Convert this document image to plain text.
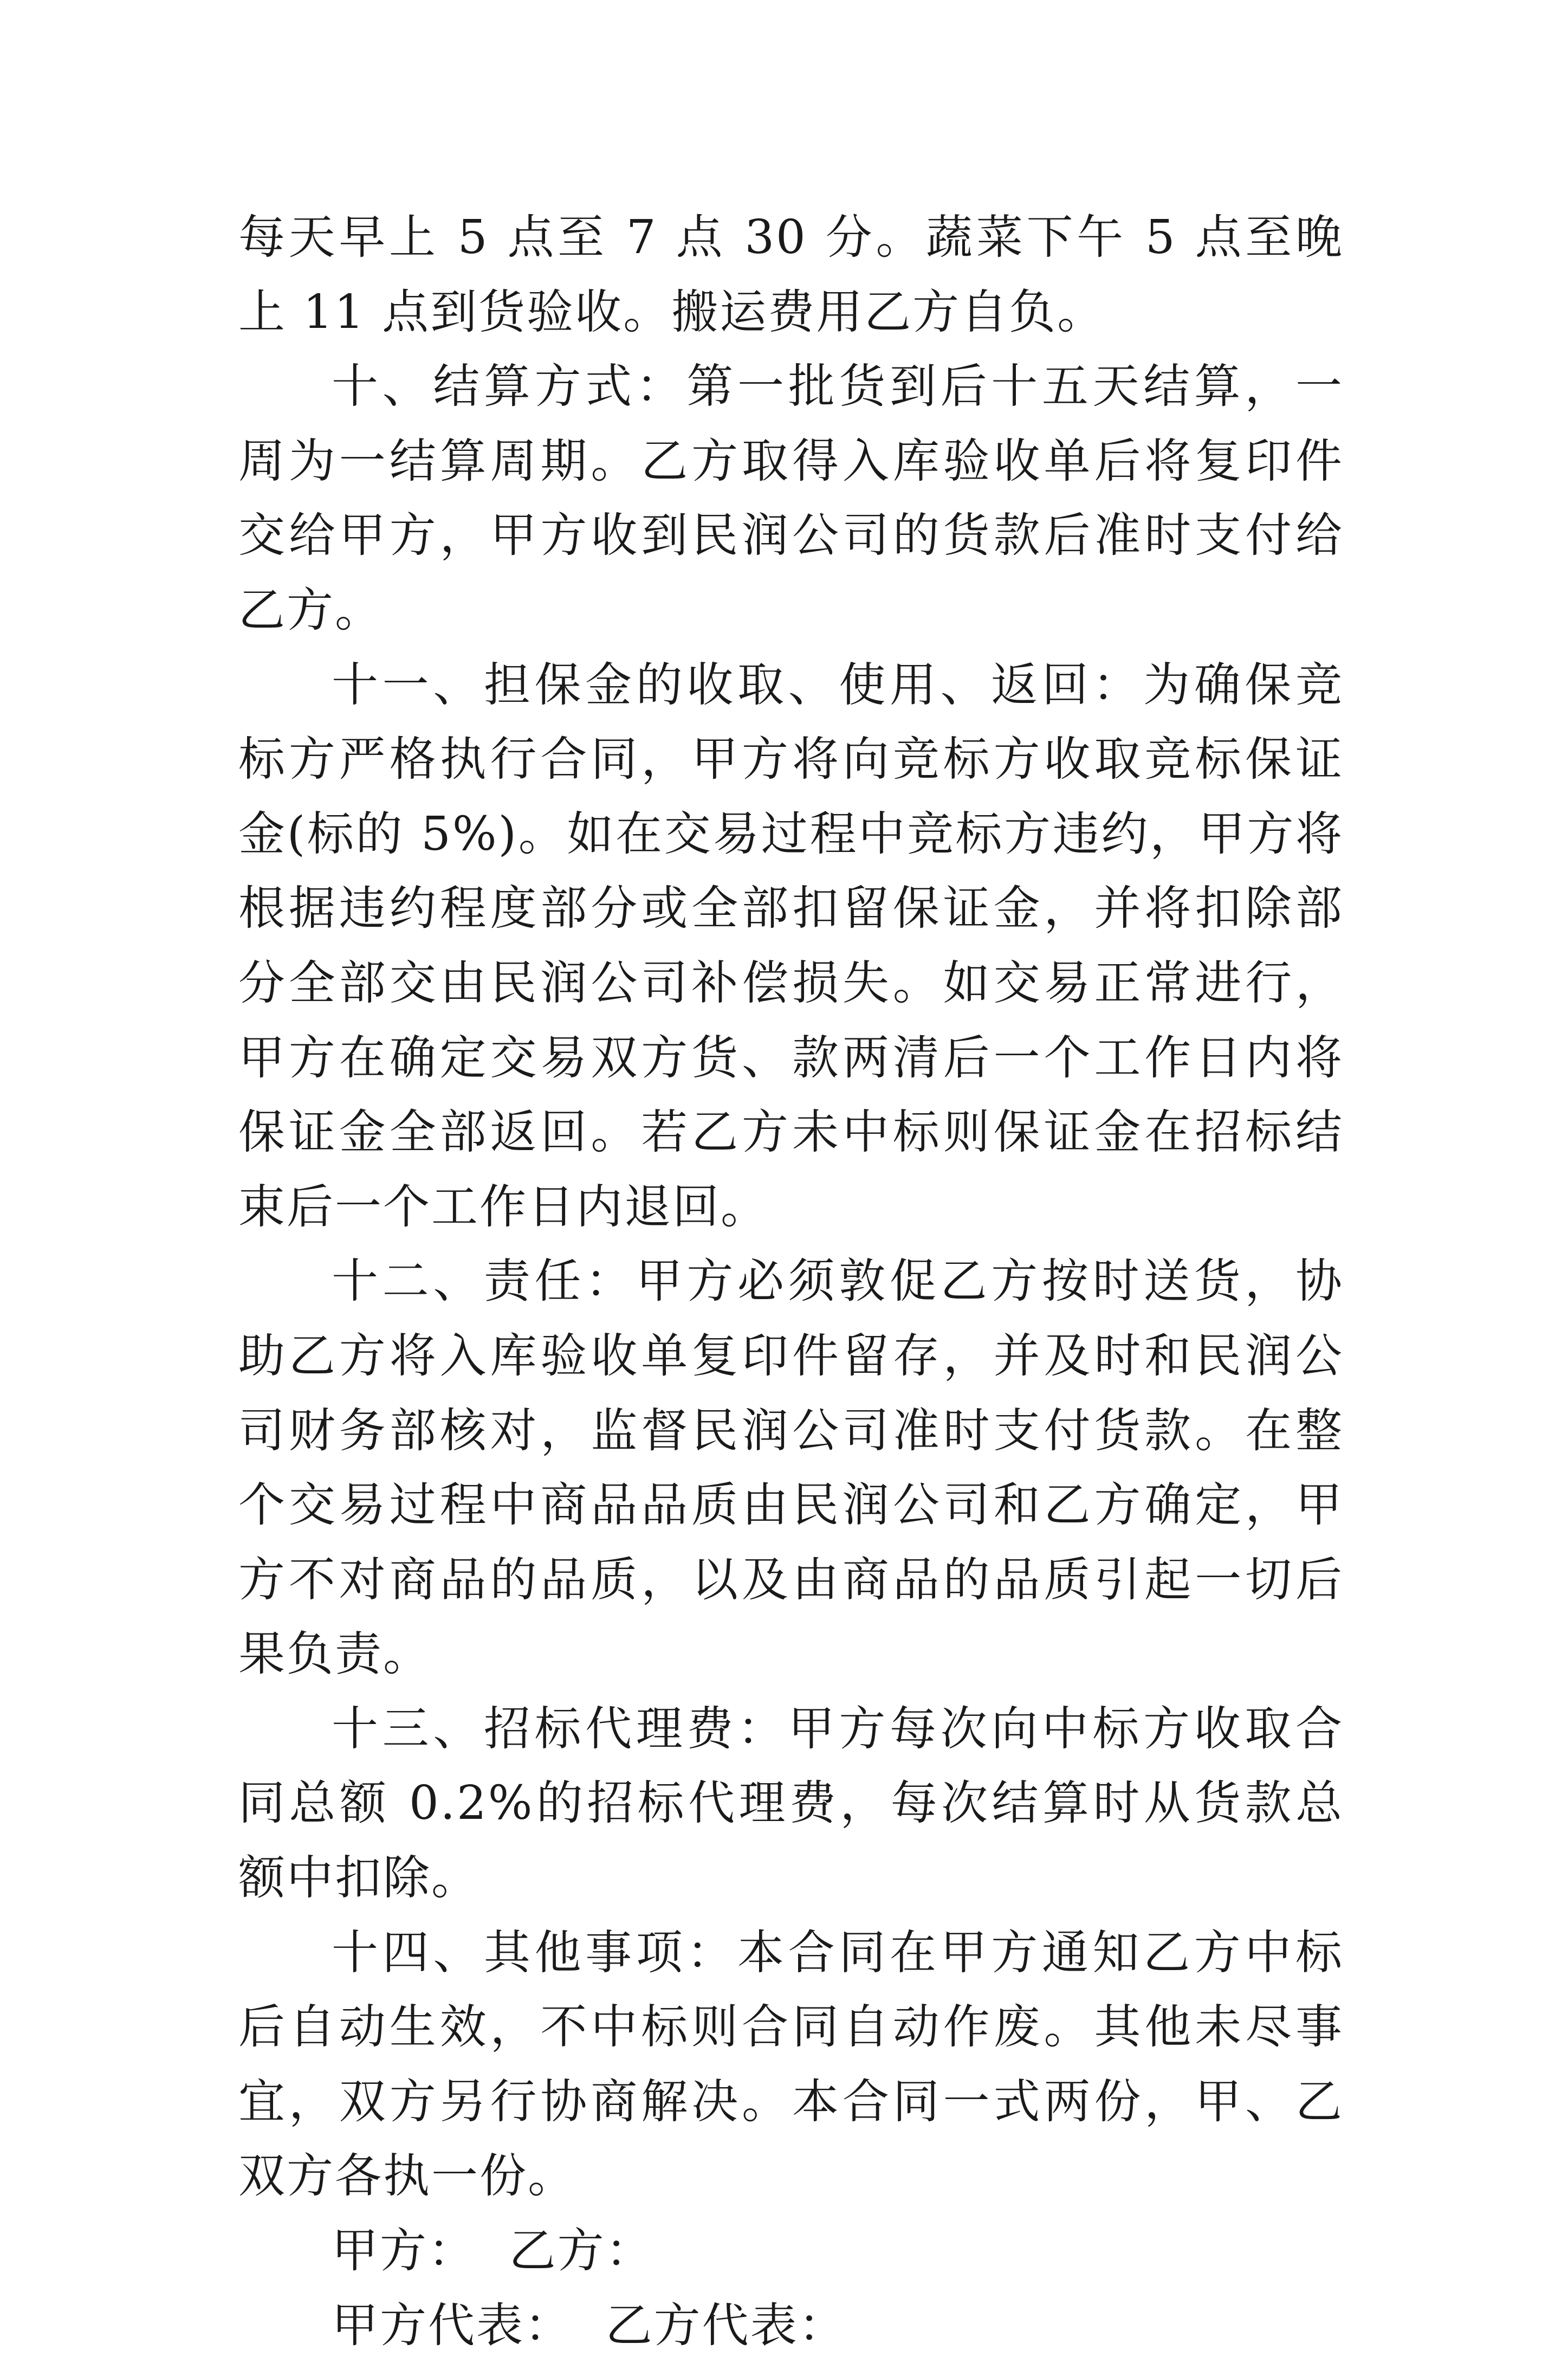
每天早上 5 点至 7 点 30 分。蔬菜下午 5 点至晚上 11 点到货验收。搬运费用乙方自负。

十、结算方式：第一批货到后十五天结算，一周为一结算周期。乙方取得入库验收单后将复印件交给甲方，甲方收到民润公司的货款后准时支付给乙方。

十一、担保金的收取、使用、返回：为确保竞标方严格执行合同，甲方将向竞标方收取竞标保证金(标的 5%)。如在交易过程中竞标方违约，甲方将根据违约程度部分或全部扣留保证金，并将扣除部分全部交由民润公司补偿损失。如交易正常进行，甲方在确定交易双方货、款两清后一个工作日内将保证金全部返回。若乙方未中标则保证金在招标结束后一个工作日内退回。

十二、责任：甲方必须敦促乙方按时送货，协助乙方将入库验收单复印件留存，并及时和民润公司财务部核对，监督民润公司准时支付货款。在整个交易过程中商品品质由民润公司和乙方确定，甲方不对商品的品质，以及由商品的品质引起一切后果负责。

十三、招标代理费：甲方每次向中标方收取合同总额 0.2%的招标代理费，每次结算时从货款总额中扣除。

十四、其他事项：本合同在甲方通知乙方中标后自动生效，不中标则合同自动作废。其他未尽事宜，双方另行协商解决。本合同一式两份，甲、乙双方各执一份。

甲方：  乙方：

甲方代表：  乙方代表：
